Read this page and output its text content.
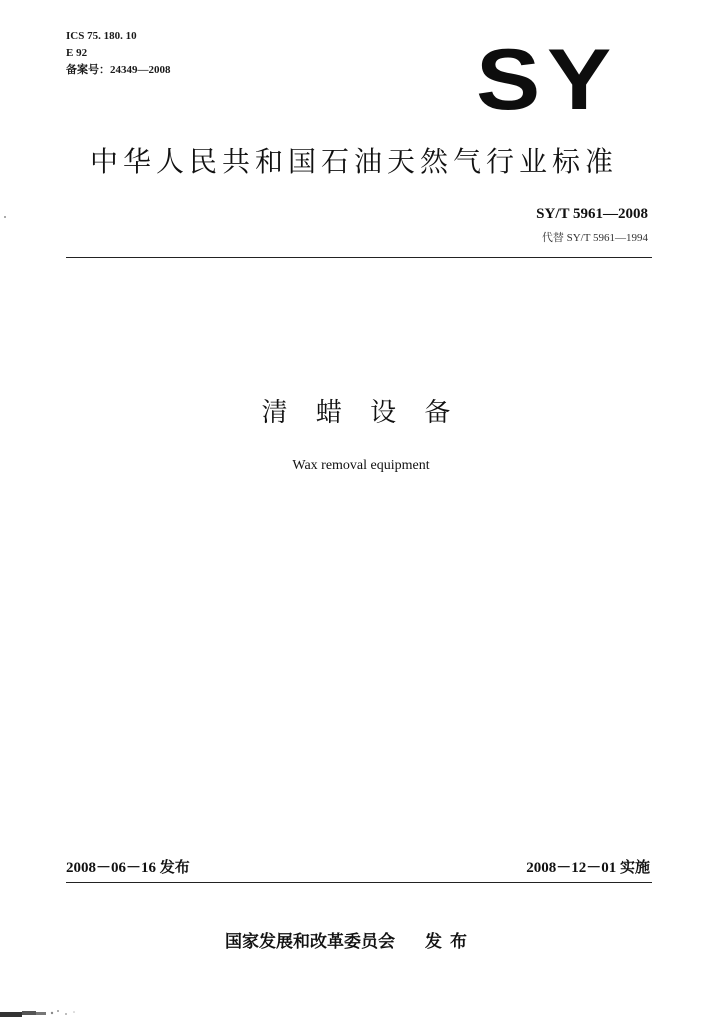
ICS 75. 180. 10
E 92
备案号：24349—2008	SY
中华人民共和国石油天然气行业标准
SY/T 5961—2008
代替 SY/T 5961—1994
清 蜡 设 备
Wax removal equipment
2008－06－16 发布	2008－12－01 实施
国家发展和改革委员会 发布
